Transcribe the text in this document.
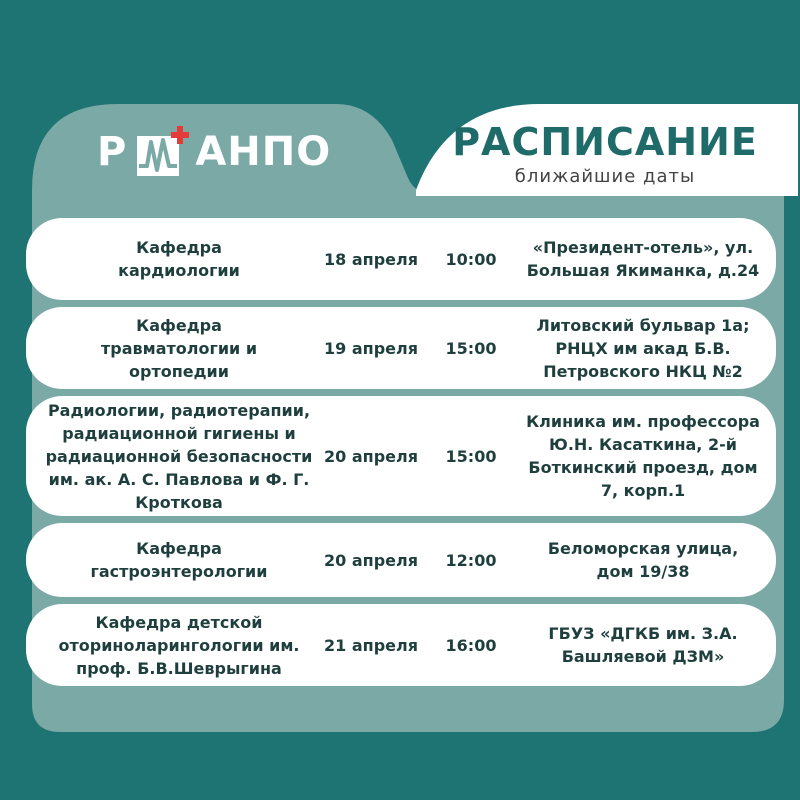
Р АНПО	РАСПИСАНИЕ
ближайшие даты
Кафедра кардиологии
18 апреля 10:00
«Президент-отель», ул. Большая Якиманка, д.24
Кафедра травматологии и ортопедии
19 апреля 15:00
Литовский бульвар 1а; РНЦХ им акад Б.В. Петровского НКЦ №2
Радиологии, радиотерапии, радиационной гигиены и радиационной безопасности им. ак. А. С. Павлова и Ф. Г. Кроткова
20 апреля 15:00
Клиника им. профессора Ю.Н. Касаткина, 2-й Боткинский проезд, дом 7, корп.1
Кафедра гастроэнтерологии
20 апреля 12:00
Беломорская улица, дом 19/38
Кафедра детской оториноларингологии им. проф. Б.В.Шеврыгина
21 апреля 16:00
ГБУЗ «ДГКБ им. З.А. Башляевой ДЗМ»
